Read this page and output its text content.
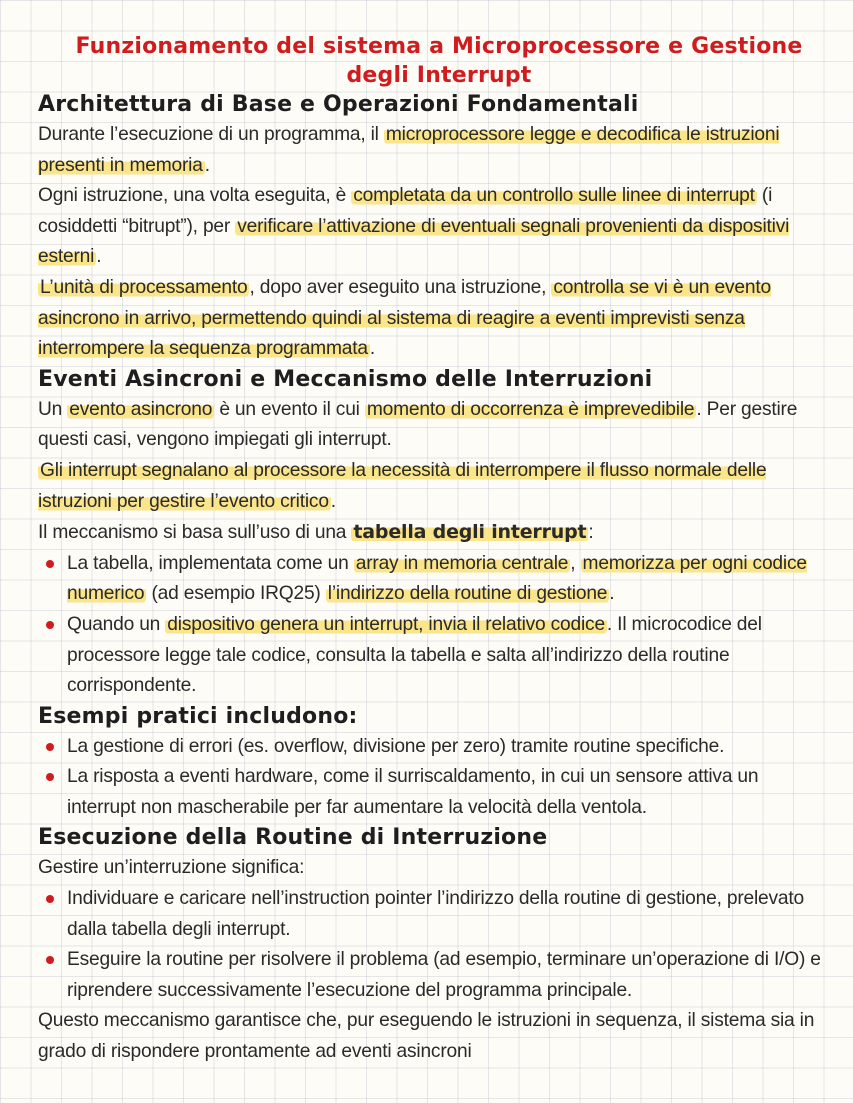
Funzionamento del sistema a Microprocessore e Gestione degli Interrupt
Architettura di Base e Operazioni Fondamentali

Durante l’esecuzione di un programma, il microprocessore legge e decodifica le istruzioni presenti in memoria .

Ogni istruzione, una volta eseguita, è completata da un controllo sulle linee di interrupt (i cosiddetti “bitrupt”), per verificare l’attivazione di eventuali segnali provenienti da dispositivi esterni .

L’unità di processamento , dopo aver eseguito una istruzione, controlla se vi è un evento asincrono in arrivo, permettendo quindi al sistema di reagire a eventi imprevisti senza interrompere la sequenza programmata .

Eventi Asincroni e Meccanismo delle Interruzioni

Un evento asincrono è un evento il cui momento di occorrenza è imprevedibile . Per gestire questi casi, vengono impiegati gli interrupt.

Gli interrupt segnalano al processore la necessità di interrompere il flusso normale delle istruzioni per gestire l’evento critico .

Il meccanismo si basa sull’uso di una tabella degli interrupt :

La tabella, implementata come un array in memoria centrale , memorizza per ogni codice numerico (ad esempio IRQ25) l’indirizzo della routine di gestione .
Quando un dispositivo genera un interrupt, invia il relativo codice . Il microcodice del processore legge tale codice, consulta la tabella e salta all’indirizzo della routine corrispondente.
Esempi pratici includono:
La gestione di errori (es. overflow, divisione per zero) tramite routine specifiche.
La risposta a eventi hardware, come il surriscaldamento, in cui un sensore attiva un interrupt non mascherabile per far aumentare la velocità della ventola.
Esecuzione della Routine di Interruzione

Gestire un’interruzione significa:

Individuare e caricare nell’instruction pointer l’indirizzo della routine di gestione, prelevato dalla tabella degli interrupt.
Eseguire la routine per risolvere il problema (ad esempio, terminare un’operazione di I/O) e riprendere successivamente l’esecuzione del programma principale.

Questo meccanismo garantisce che, pur eseguendo le istruzioni in sequenza, il sistema sia in grado di rispondere prontamente ad eventi asincroni
